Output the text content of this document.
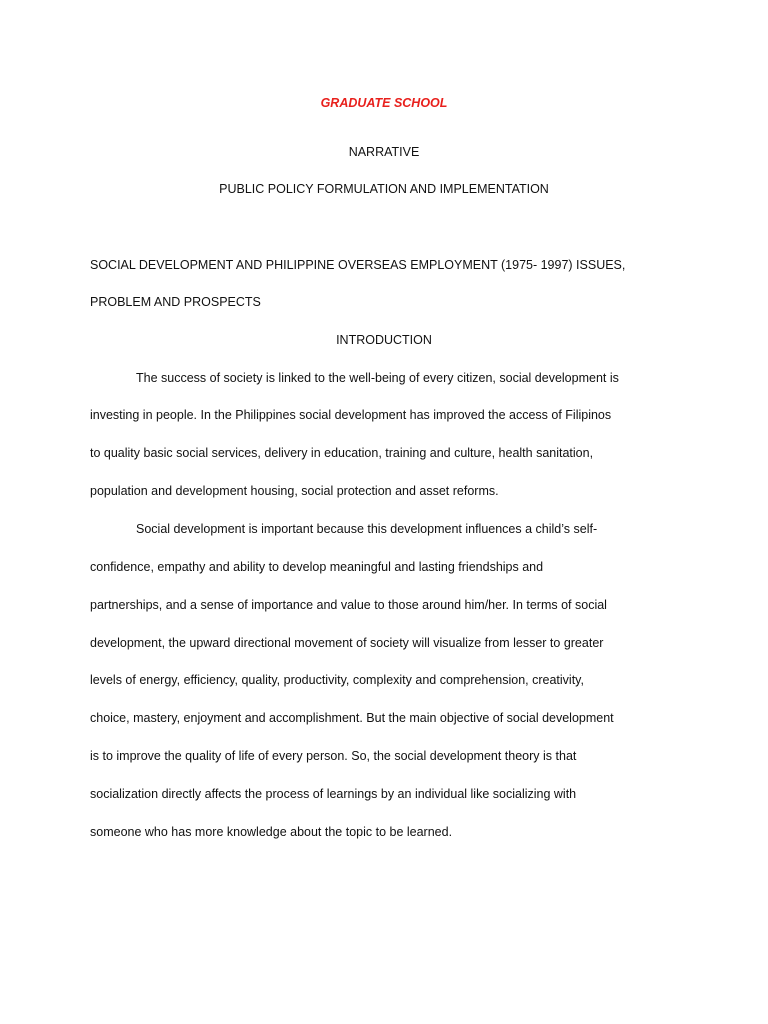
GRADUATE SCHOOL
NARRATIVE
PUBLIC POLICY FORMULATION AND IMPLEMENTATION
SOCIAL DEVELOPMENT AND PHILIPPINE OVERSEAS EMPLOYMENT (1975- 1997) ISSUES,
PROBLEM AND PROSPECTS
INTRODUCTION
The success of society is linked to the well-being of every citizen, social development is
investing in people. In the Philippines social development has improved the access of Filipinos
to quality basic social services, delivery in education, training and culture, health sanitation,
population and development housing, social protection and asset reforms.
Social development is important because this development influences a child’s self-
confidence, empathy and ability to develop meaningful and lasting friendships and
partnerships, and a sense of importance and value to those around him/her. In terms of social
development, the upward directional movement of society will visualize from lesser to greater
levels of energy, efficiency, quality, productivity, complexity and comprehension, creativity,
choice, mastery, enjoyment and accomplishment. But the main objective of social development
is to improve the quality of life of every person. So, the social development theory is that
socialization directly affects the process of learnings by an individual like socializing with
someone who has more knowledge about the topic to be learned.
